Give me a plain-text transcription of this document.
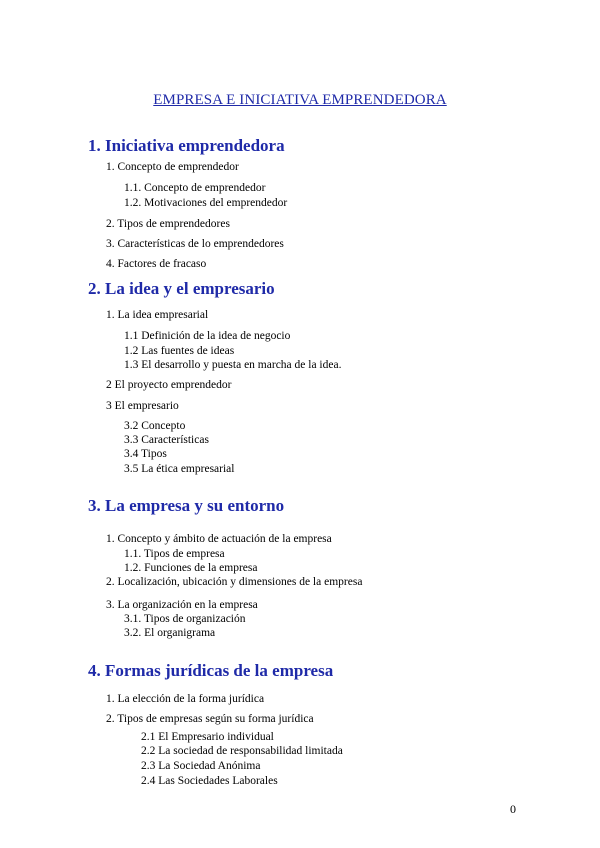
EMPRESA E INICIATIVA EMPRENDEDORA
1. Iniciativa emprendedora
1. Concepto de emprendedor
1.1. Concepto de emprendedor
1.2. Motivaciones del emprendedor
2. Tipos de emprendedores
3. Características de lo emprendedores
4. Factores de fracaso
2. La idea y el empresario
1. La idea empresarial
1.1 Definición de la idea de negocio
1.2 Las fuentes de ideas
1.3 El desarrollo y puesta en marcha de la idea.
2 El proyecto emprendedor
3 El empresario
3.2 Concepto
3.3 Características
3.4 Tipos
3.5 La ética empresarial
3. La empresa y su entorno
1. Concepto y ámbito de actuación de la empresa
1.1. Tipos de empresa
1.2. Funciones de la empresa
2. Localización, ubicación y dimensiones de la empresa
3. La organización en la empresa
3.1. Tipos de organización
3.2. El organigrama
4. Formas jurídicas de la empresa
1. La elección de la forma jurídica
2. Tipos de empresas según su forma jurídica
2.1 El Empresario individual
2.2 La sociedad de responsabilidad limitada
2.3 La Sociedad Anónima
2.4 Las Sociedades Laborales
0
